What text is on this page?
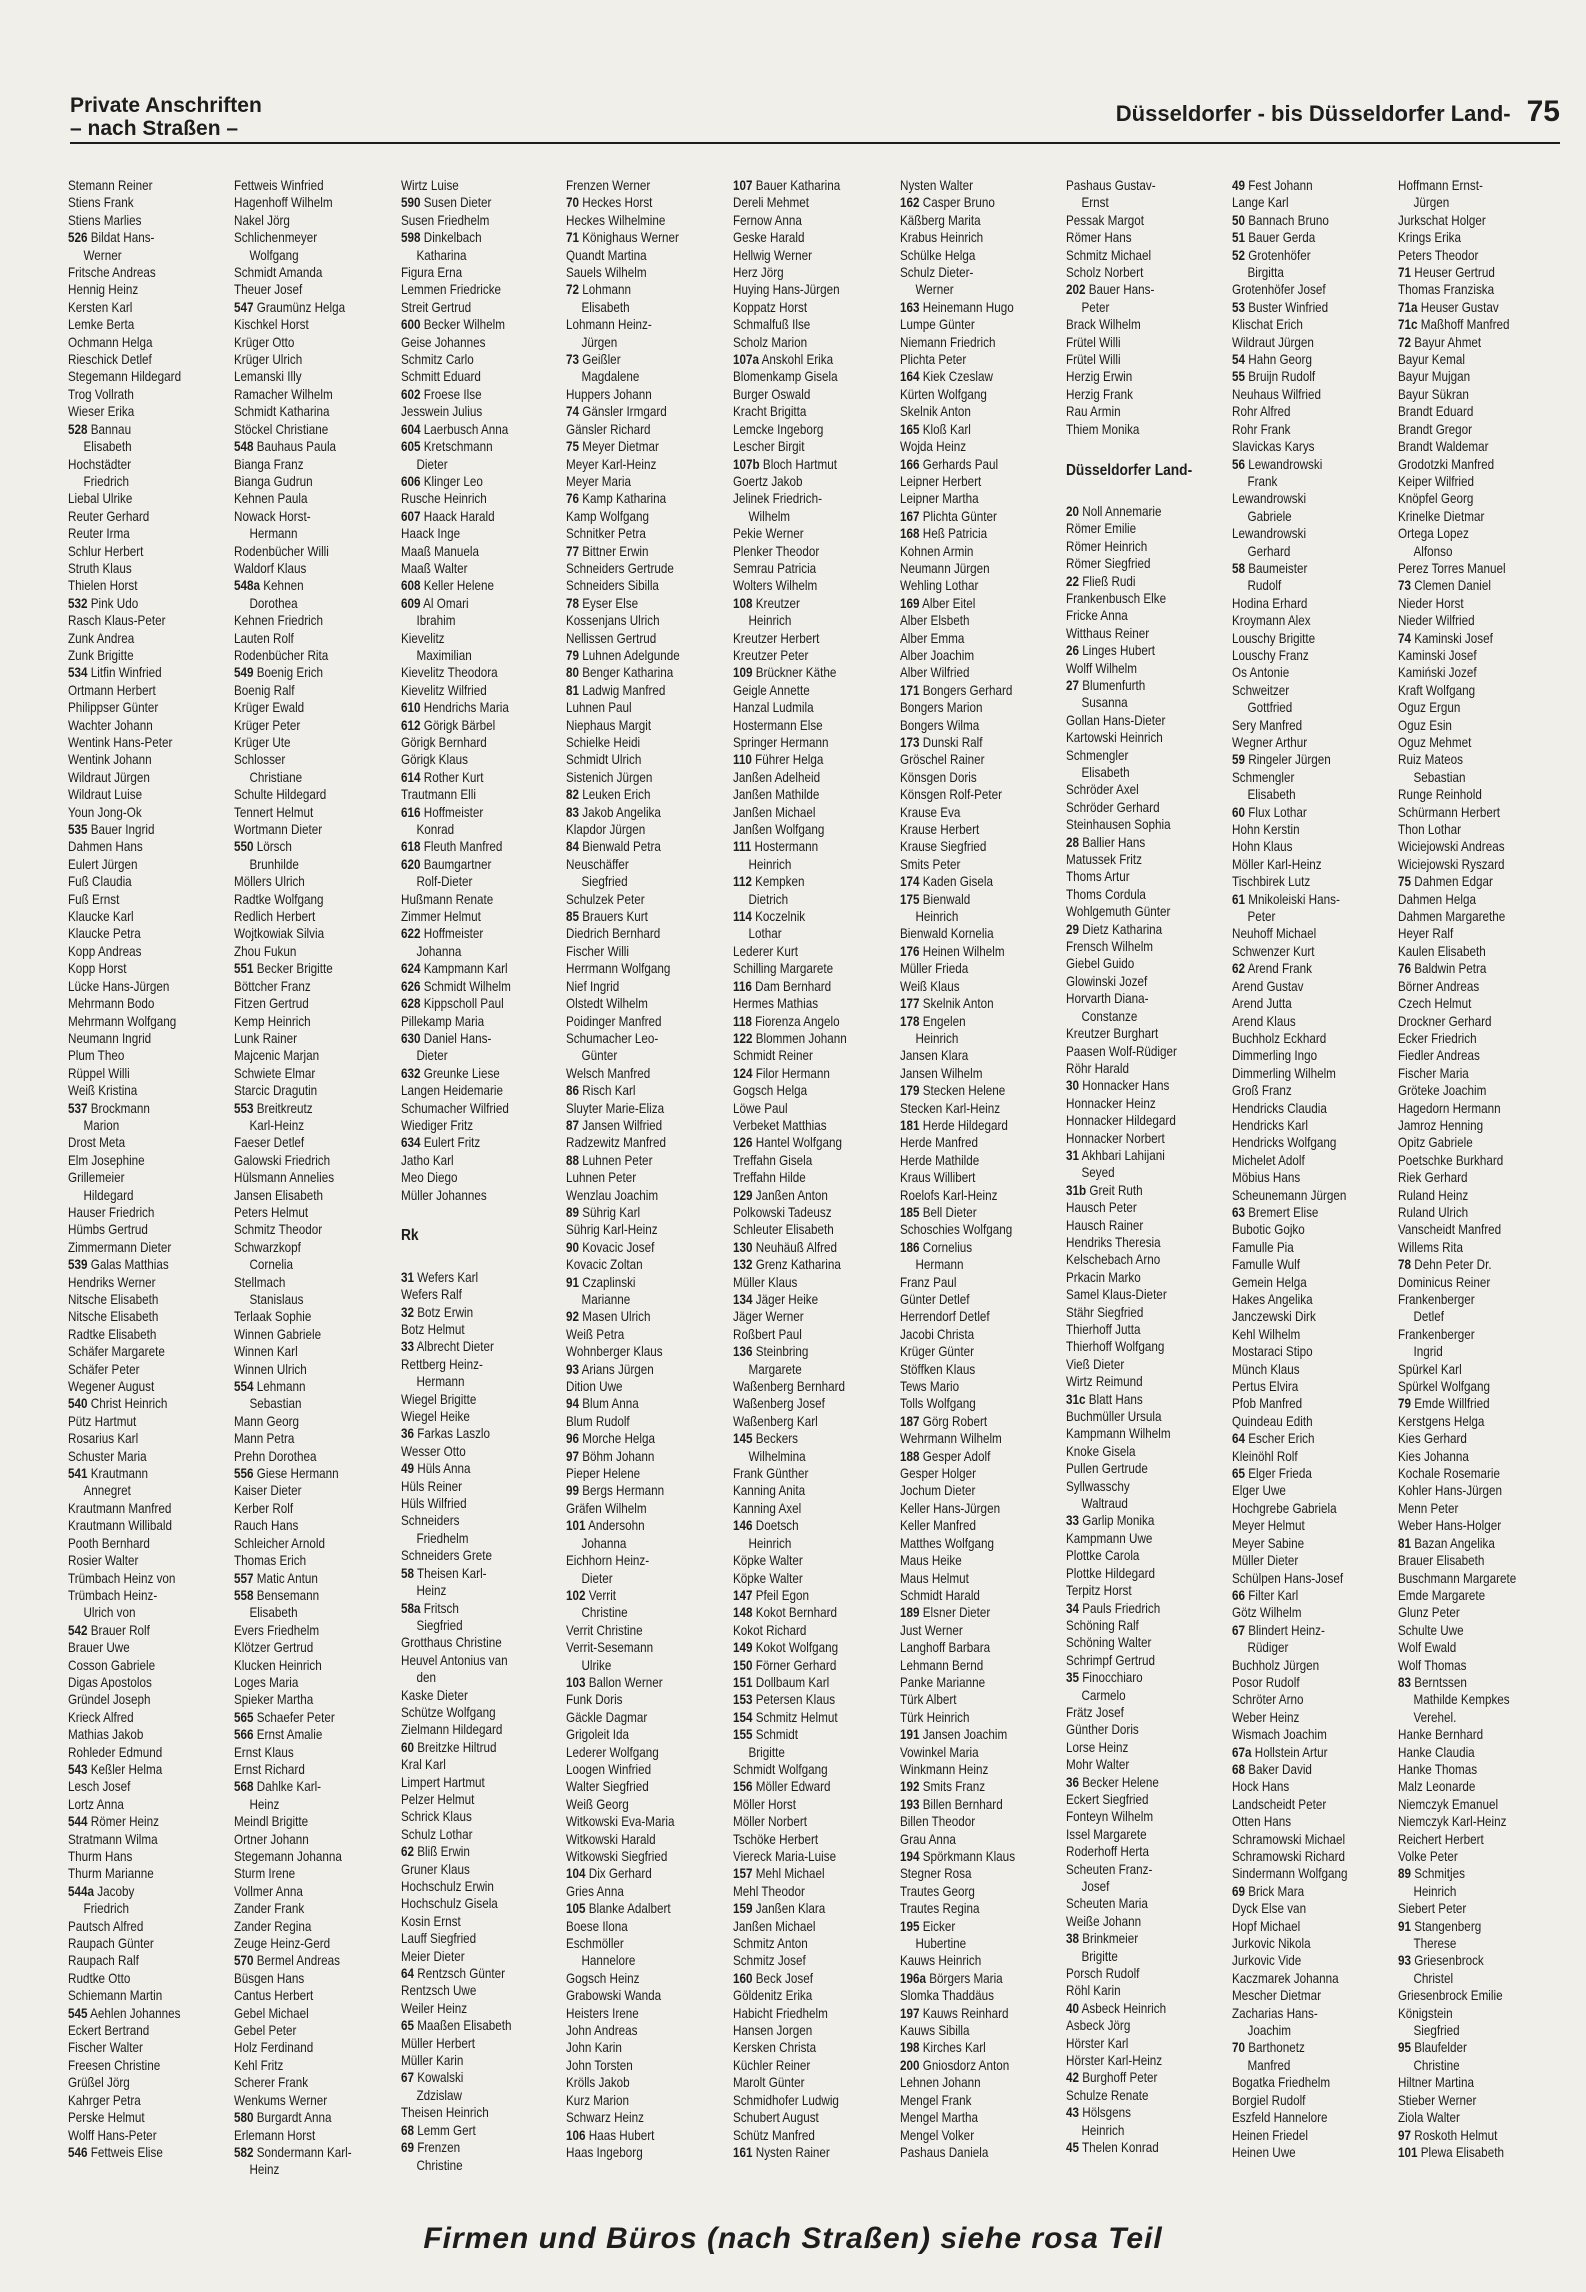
Private Anschriften
– nach Straßen –
Düsseldorfer - bis Düsseldorfer Land- 75
Stemann Reiner
Stiens Frank
Stiens Marlies
526 Bildat Hans-
Werner
Fritsche Andreas
Hennig Heinz
Kersten Karl
Lemke Berta
Ochmann Helga
Rieschick Detlef
Stegemann Hildegard
Trog Vollrath
Wieser Erika
528 Bannau
Elisabeth
Hochstädter
Friedrich
Liebal Ulrike
Reuter Gerhard
Reuter Irma
Schlur Herbert
Struth Klaus
Thielen Horst
532 Pink Udo
Rasch Klaus-Peter
Zunk Andrea
Zunk Brigitte
534 Litfin Winfried
Ortmann Herbert
Philippser Günter
Wachter Johann
Wentink Hans-Peter
Wentink Johann
Wildraut Jürgen
Wildraut Luise
Youn Jong-Ok
535 Bauer Ingrid
Dahmen Hans
Eulert Jürgen
Fuß Claudia
Fuß Ernst
Klaucke Karl
Klaucke Petra
Kopp Andreas
Kopp Horst
Lücke Hans-Jürgen
Mehrmann Bodo
Mehrmann Wolfgang
Neumann Ingrid
Plum Theo
Rüppel Willi
Weiß Kristina
537 Brockmann
Marion
Drost Meta
Elm Josephine
Grillemeier
Hildegard
Hauser Friedrich
Hümbs Gertrud
Zimmermann Dieter
539 Galas Matthias
Hendriks Werner
Nitsche Elisabeth
Nitsche Elisabeth
Radtke Elisabeth
Schäfer Margarete
Schäfer Peter
Wegener August
540 Christ Heinrich
Pütz Hartmut
Rosarius Karl
Schuster Maria
541 Krautmann
Annegret
Krautmann Manfred
Krautmann Willibald
Pooth Bernhard
Rosier Walter
Trümbach Heinz von
Trümbach Heinz-
Ulrich von
542 Brauer Rolf
Brauer Uwe
Cosson Gabriele
Digas Apostolos
Gründel Joseph
Krieck Alfred
Mathias Jakob
Rohleder Edmund
543 Keßler Helma
Lesch Josef
Lortz Anna
544 Römer Heinz
Stratmann Wilma
Thurm Hans
Thurm Marianne
544a Jacoby
Friedrich
Pautsch Alfred
Raupach Günter
Raupach Ralf
Rudtke Otto
Schiemann Martin
545 Aehlen Johannes
Eckert Bertrand
Fischer Walter
Freesen Christine
Grüßel Jörg
Kahrger Petra
Perske Helmut
Wolff Hans-Peter
546 Fettweis Elise
Fettweis Winfried
Hagenhoff Wilhelm
Nakel Jörg
Schlichenmeyer
Wolfgang
Schmidt Amanda
Theuer Josef
547 Graumünz Helga
Kischkel Horst
Krüger Otto
Krüger Ulrich
Lemanski Illy
Ramacher Wilhelm
Schmidt Katharina
Stöckel Christiane
548 Bauhaus Paula
Bianga Franz
Bianga Gudrun
Kehnen Paula
Nowack Horst-
Hermann
Rodenbücher Willi
Waldorf Klaus
548a Kehnen
Dorothea
Kehnen Friedrich
Lauten Rolf
Rodenbücher Rita
549 Boenig Erich
Boenig Ralf
Krüger Ewald
Krüger Peter
Krüger Ute
Schlosser
Christiane
Schulte Hildegard
Tennert Helmut
Wortmann Dieter
550 Lörsch
Brunhilde
Möllers Ulrich
Radtke Wolfgang
Redlich Herbert
Wojtkowiak Silvia
Zhou Fukun
551 Becker Brigitte
Böttcher Franz
Fitzen Gertrud
Kemp Heinrich
Lunk Rainer
Majcenic Marjan
Schwiete Elmar
Starcic Dragutin
553 Breitkreutz
Karl-Heinz
Faeser Detlef
Galowski Friedrich
Hülsmann Annelies
Jansen Elisabeth
Peters Helmut
Schmitz Theodor
Schwarzkopf
Cornelia
Stellmach
Stanislaus
Terlaak Sophie
Winnen Gabriele
Winnen Karl
Winnen Ulrich
554 Lehmann
Sebastian
Mann Georg
Mann Petra
Prehn Dorothea
556 Giese Hermann
Kaiser Dieter
Kerber Rolf
Rauch Hans
Schleicher Arnold
Thomas Erich
557 Matic Antun
558 Bensemann
Elisabeth
Evers Friedhelm
Klötzer Gertrud
Klucken Heinrich
Loges Maria
Spieker Martha
565 Schaefer Peter
566 Ernst Amalie
Ernst Klaus
Ernst Richard
568 Dahlke Karl-
Heinz
Meindl Brigitte
Ortner Johann
Stegemann Johanna
Sturm Irene
Vollmer Anna
Zander Frank
Zander Regina
Zeuge Heinz-Gerd
570 Bermel Andreas
Büsgen Hans
Cantus Herbert
Gebel Michael
Gebel Peter
Holz Ferdinand
Kehl Fritz
Scherer Frank
Wenkums Werner
580 Burgardt Anna
Erlemann Horst
582 Sondermann Karl-
Heinz
Wirtz Luise
590 Susen Dieter
Susen Friedhelm
598 Dinkelbach
Katharina
Figura Erna
Lemmen Friedricke
Streit Gertrud
600 Becker Wilhelm
Geise Johannes
Schmitz Carlo
Schmitt Eduard
602 Froese Ilse
Jesswein Julius
604 Laerbusch Anna
605 Kretschmann
Dieter
606 Klinger Leo
Rusche Heinrich
607 Haack Harald
Haack Inge
Maaß Manuela
Maaß Walter
608 Keller Helene
609 Al Omari
Ibrahim
Kievelitz
Maximilian
Kievelitz Theodora
Kievelitz Wilfried
610 Hendrichs Maria
612 Görigk Bärbel
Görigk Bernhard
Görigk Klaus
614 Rother Kurt
Trautmann Elli
616 Hoffmeister
Konrad
618 Fleuth Manfred
620 Baumgartner
Rolf-Dieter
Hußmann Renate
Zimmer Helmut
622 Hoffmeister
Johanna
624 Kampmann Karl
626 Schmidt Wilhelm
628 Kippscholl Paul
Pillekamp Maria
630 Daniel Hans-
Dieter
632 Greunke Liese
Langen Heidemarie
Schumacher Wilfried
Wiediger Fritz
634 Eulert Fritz
Jatho Karl
Meo Diego
Müller Johannes

Rk

31 Wefers Karl
Wefers Ralf
32 Botz Erwin
Botz Helmut
33 Albrecht Dieter
Rettberg Heinz-
Hermann
Wiegel Brigitte
Wiegel Heike
36 Farkas Laszlo
Wesser Otto
49 Hüls Anna
Hüls Reiner
Hüls Wilfried
Schneiders
Friedhelm
Schneiders Grete
58 Theisen Karl-
Heinz
58a Fritsch
Siegfried
Grotthaus Christine
Heuvel Antonius van
den
Kaske Dieter
Schütze Wolfgang
Zielmann Hildegard
60 Breitzke Hiltrud
Kral Karl
Limpert Hartmut
Pelzer Helmut
Schrick Klaus
Schulz Lothar
62 Bliß Erwin
Gruner Klaus
Hochschulz Erwin
Hochschulz Gisela
Kosin Ernst
Lauff Siegfried
Meier Dieter
64 Rentzsch Günter
Rentzsch Uwe
Weiler Heinz
65 Maaßen Elisabeth
Müller Herbert
Müller Karin
67 Kowalski
Zdzislaw
Theisen Heinrich
68 Lemm Gert
69 Frenzen
Christine
Frenzen Werner
70 Heckes Horst
Heckes Wilhelmine
71 Könighaus Werner
Quandt Martina
Sauels Wilhelm
72 Lohmann
Elisabeth
Lohmann Heinz-
Jürgen
73 Geißler
Magdalene
Huppers Johann
74 Gänsler Irmgard
Gänsler Richard
75 Meyer Dietmar
Meyer Karl-Heinz
Meyer Maria
76 Kamp Katharina
Kamp Wolfgang
Schnitker Petra
77 Bittner Erwin
Schneiders Gertrude
Schneiders Sibilla
78 Eyser Else
Kossenjans Ulrich
Nellissen Gertrud
79 Luhnen Adelgunde
80 Benger Katharina
81 Ladwig Manfred
Luhnen Paul
Niephaus Margit
Schielke Heidi
Schmidt Ulrich
Sistenich Jürgen
82 Leuken Erich
83 Jakob Angelika
Klapdor Jürgen
84 Bienwald Petra
Neuschäffer
Siegfried
Schulzek Peter
85 Brauers Kurt
Diedrich Bernhard
Fischer Willi
Herrmann Wolfgang
Nief Ingrid
Olstedt Wilhelm
Poidinger Manfred
Schumacher Leo-
Günter
Welsch Manfred
86 Risch Karl
Sluyter Marie-Eliza
87 Jansen Wilfried
Radzewitz Manfred
88 Luhnen Peter
Luhnen Peter
Wenzlau Joachim
89 Sührig Karl
Sührig Karl-Heinz
90 Kovacic Josef
Kovacic Zoltan
91 Czaplinski
Marianne
92 Masen Ulrich
Weiß Petra
Wohnberger Klaus
93 Arians Jürgen
Dition Uwe
94 Blum Anna
Blum Rudolf
96 Morche Helga
97 Böhm Johann
Pieper Helene
99 Bergs Hermann
Gräfen Wilhelm
101 Andersohn
Johanna
Eichhorn Heinz-
Dieter
102 Verrit
Christine
Verrit Christine
Verrit-Sesemann
Ulrike
103 Ballon Werner
Funk Doris
Gäckle Dagmar
Grigoleit Ida
Lederer Wolfgang
Loogen Winfried
Walter Siegfried
Weiß Georg
Witkowski Eva-Maria
Witkowski Harald
Witkowski Siegfried
104 Dix Gerhard
Gries Anna
105 Blanke Adalbert
Boese Ilona
Eschmöller
Hannelore
Gogsch Heinz
Grabowski Wanda
Heisters Irene
John Andreas
John Karin
John Torsten
Krölls Jakob
Kurz Marion
Schwarz Heinz
106 Haas Hubert
Haas Ingeborg
107 Bauer Katharina
Dereli Mehmet
Fernow Anna
Geske Harald
Hellwig Werner
Herz Jörg
Huying Hans-Jürgen
Koppatz Horst
Schmalfuß Ilse
Scholz Marion
107a Anskohl Erika
Blomenkamp Gisela
Burger Oswald
Kracht Brigitta
Lemcke Ingeborg
Lescher Birgit
107b Bloch Hartmut
Goertz Jakob
Jelinek Friedrich-
Wilhelm
Pekie Werner
Plenker Theodor
Semrau Patricia
Wolters Wilhelm
108 Kreutzer
Heinrich
Kreutzer Herbert
Kreutzer Peter
109 Brückner Käthe
Geigle Annette
Hanzal Ludmila
Hostermann Else
Springer Hermann
110 Führer Helga
Janßen Adelheid
Janßen Mathilde
Janßen Michael
Janßen Wolfgang
111 Hostermann
Heinrich
112 Kempken
Dietrich
114 Koczelnik
Lothar
Lederer Kurt
Schilling Margarete
116 Dam Bernhard
Hermes Mathias
118 Fiorenza Angelo
122 Blommen Johann
Schmidt Reiner
124 Filor Hermann
Gogsch Helga
Löwe Paul
Verbeket Matthias
126 Hantel Wolfgang
Treffahn Gisela
Treffahn Hilde
129 Janßen Anton
Polkowski Tadeusz
Schleuter Elisabeth
130 Neuhäuß Alfred
132 Grenz Katharina
Müller Klaus
134 Jäger Heike
Jäger Werner
Roßbert Paul
136 Steinbring
Margarete
Waßenberg Bernhard
Waßenberg Josef
Waßenberg Karl
145 Beckers
Wilhelmina
Frank Günther
Kanning Anita
Kanning Axel
146 Doetsch
Heinrich
Köpke Walter
Köpke Walter
147 Pfeil Egon
148 Kokot Bernhard
Kokot Richard
149 Kokot Wolfgang
150 Förner Gerhard
151 Dollbaum Karl
153 Petersen Klaus
154 Schmitz Helmut
155 Schmidt
Brigitte
Schmidt Wolfgang
156 Möller Edward
Möller Horst
Möller Norbert
Tschöke Herbert
Viereck Maria-Luise
157 Mehl Michael
Mehl Theodor
159 Janßen Klara
Janßen Michael
Schmitz Anton
Schmitz Josef
160 Beck Josef
Göldenitz Erika
Habicht Friedhelm
Hansen Jorgen
Kersken Christa
Küchler Reiner
Marolt Günter
Schmidhofer Ludwig
Schubert August
Schütz Manfred
161 Nysten Rainer
Nysten Walter
162 Casper Bruno
Käßberg Marita
Krabus Heinrich
Schülke Helga
Schulz Dieter-
Werner
163 Heinemann Hugo
Lumpe Günter
Niemann Friedrich
Plichta Peter
164 Kiek Czeslaw
Kürten Wolfgang
Skelnik Anton
165 Kloß Karl
Wojda Heinz
166 Gerhards Paul
Leipner Herbert
Leipner Martha
167 Plichta Günter
168 Heß Patricia
Kohnen Armin
Neumann Jürgen
Wehling Lothar
169 Alber Eitel
Alber Elsbeth
Alber Emma
Alber Joachim
Alber Wilfried
171 Bongers Gerhard
Bongers Marion
Bongers Wilma
173 Dunski Ralf
Gröschel Rainer
Könsgen Doris
Könsgen Rolf-Peter
Krause Eva
Krause Herbert
Krause Siegfried
Smits Peter
174 Kaden Gisela
175 Bienwald
Heinrich
Bienwald Kornelia
176 Heinen Wilhelm
Müller Frieda
Weiß Klaus
177 Skelnik Anton
178 Engelen
Heinrich
Jansen Klara
Jansen Wilhelm
179 Stecken Helene
Stecken Karl-Heinz
181 Herde Hildegard
Herde Manfred
Herde Mathilde
Kraus Willibert
Roelofs Karl-Heinz
185 Bell Dieter
Schoschies Wolfgang
186 Cornelius
Hermann
Franz Paul
Günter Detlef
Herrendorf Detlef
Jacobi Christa
Krüger Günter
Stöffken Klaus
Tews Mario
Tolls Wolfgang
187 Görg Robert
Wehrmann Wilhelm
188 Gesper Adolf
Gesper Holger
Jochum Dieter
Keller Hans-Jürgen
Keller Manfred
Matthes Wolfgang
Maus Heike
Maus Helmut
Schmidt Harald
189 Elsner Dieter
Just Werner
Langhoff Barbara
Lehmann Bernd
Panke Marianne
Türk Albert
Türk Heinrich
191 Jansen Joachim
Vowinkel Maria
Winkmann Heinz
192 Smits Franz
193 Billen Bernhard
Billen Theodor
Grau Anna
194 Spörkmann Klaus
Stegner Rosa
Trautes Georg
Trautes Regina
195 Eicker
Hubertine
Kauws Heinrich
196a Börgers Maria
Slomka Thaddäus
197 Kauws Reinhard
Kauws Sibilla
198 Kirches Karl
200 Gniosdorz Anton
Lehnen Johann
Mengel Frank
Mengel Martha
Mengel Volker
Pashaus Daniela
Pashaus Gustav-
Ernst
Pessak Margot
Römer Hans
Schmitz Michael
Scholz Norbert
202 Bauer Hans-
Peter
Brack Wilhelm
Frütel Willi
Frütel Willi
Herzig Erwin
Herzig Frank
Rau Armin
Thiem Monika

Düsseldorfer Land-

20 Noll Annemarie
Römer Emilie
Römer Heinrich
Römer Siegfried
22 Fließ Rudi
Frankenbusch Elke
Fricke Anna
Witthaus Reiner
26 Linges Hubert
Wolff Wilhelm
27 Blumenfurth
Susanna
Gollan Hans-Dieter
Kartowski Heinrich
Schmengler
Elisabeth
Schröder Axel
Schröder Gerhard
Steinhausen Sophia
28 Ballier Hans
Matussek Fritz
Thoms Artur
Thoms Cordula
Wohlgemuth Günter
29 Dietz Katharina
Frensch Wilhelm
Giebel Guido
Glowinski Jozef
Horvarth Diana-
Constanze
Kreutzer Burghart
Paasen Wolf-Rüdiger
Röhr Harald
30 Honnacker Hans
Honnacker Heinz
Honnacker Hildegard
Honnacker Norbert
31 Akhbari Lahijani
Seyed
31b Greit Ruth
Hausch Peter
Hausch Rainer
Hendriks Theresia
Kelschebach Arno
Prkacin Marko
Samel Klaus-Dieter
Stähr Siegfried
Thierhoff Jutta
Thierhoff Wolfgang
Vieß Dieter
Wirtz Reimund
31c Blatt Hans
Buchmüller Ursula
Kampmann Wilhelm
Knoke Gisela
Pullen Gertrude
Syllwasschy
Waltraud
33 Garlip Monika
Kampmann Uwe
Plottke Carola
Plottke Hildegard
Terpitz Horst
34 Pauls Friedrich
Schöning Ralf
Schöning Walter
Schrimpf Gertrud
35 Finocchiaro
Carmelo
Frätz Josef
Günther Doris
Lorse Heinz
Mohr Walter
36 Becker Helene
Eckert Siegfried
Fonteyn Wilhelm
Issel Margarete
Roderhoff Herta
Scheuten Franz-
Josef
Scheuten Maria
Weiße Johann
38 Brinkmeier
Brigitte
Porsch Rudolf
Röhl Karin
40 Asbeck Heinrich
Asbeck Jörg
Hörster Karl
Hörster Karl-Heinz
42 Burghoff Peter
Schulze Renate
43 Hölsgens
Heinrich
45 Thelen Konrad
49 Fest Johann
Lange Karl
50 Bannach Bruno
51 Bauer Gerda
52 Grotenhöfer
Birgitta
Grotenhöfer Josef
53 Buster Winfried
Klischat Erich
Wildraut Jürgen
54 Hahn Georg
55 Bruijn Rudolf
Neuhaus Wilfried
Rohr Alfred
Rohr Frank
Slavickas Karys
56 Lewandrowski
Frank
Lewandrowski
Gabriele
Lewandrowski
Gerhard
58 Baumeister
Rudolf
Hodina Erhard
Kroymann Alex
Louschy Brigitte
Louschy Franz
Os Antonie
Schweitzer
Gottfried
Sery Manfred
Wegner Arthur
59 Ringeler Jürgen
Schmengler
Elisabeth
60 Flux Lothar
Hohn Kerstin
Hohn Klaus
Möller Karl-Heinz
Tischbirek Lutz
61 Mnikoleiski Hans-
Peter
Neuhoff Michael
Schwenzer Kurt
62 Arend Frank
Arend Gustav
Arend Jutta
Arend Klaus
Buchholz Eckhard
Dimmerling Ingo
Dimmerling Wilhelm
Groß Franz
Hendricks Claudia
Hendricks Karl
Hendricks Wolfgang
Michelet Adolf
Möbius Hans
Scheunemann Jürgen
63 Bremert Elise
Bubotic Gojko
Famulle Pia
Famulle Wulf
Gemein Helga
Hakes Angelika
Janczewski Dirk
Kehl Wilhelm
Mostaraci Stipo
Münch Klaus
Pertus Elvira
Pfob Manfred
Quindeau Edith
64 Escher Erich
Kleinöhl Rolf
65 Elger Frieda
Elger Uwe
Hochgrebe Gabriela
Meyer Helmut
Meyer Sabine
Müller Dieter
Schülpen Hans-Josef
66 Filter Karl
Götz Wilhelm
67 Blindert Heinz-
Rüdiger
Buchholz Jürgen
Posor Rudolf
Schröter Arno
Weber Heinz
Wismach Joachim
67a Hollstein Artur
68 Baker David
Hock Hans
Landscheidt Peter
Otten Hans
Schramowski Michael
Schramowski Richard
Sindermann Wolfgang
69 Brick Mara
Dyck Else van
Hopf Michael
Jurkovic Nikola
Jurkovic Vide
Kaczmarek Johanna
Mescher Dietmar
Zacharias Hans-
Joachim
70 Barthonetz
Manfred
Bogatka Friedhelm
Borgiel Rudolf
Eszfeld Hannelore
Heinen Friedel
Heinen Uwe
Hoffmann Ernst-
Jürgen
Jurkschat Holger
Krings Erika
Peters Theodor
71 Heuser Gertrud
Thomas Franziska
71a Heuser Gustav
71c Maßhoff Manfred
72 Bayur Ahmet
Bayur Kemal
Bayur Mujgan
Bayur Sükran
Brandt Eduard
Brandt Gregor
Brandt Waldemar
Grodotzki Manfred
Keiper Wilfried
Knöpfel Georg
Krinelke Dietmar
Ortega Lopez
Alfonso
Perez Torres Manuel
73 Clemen Daniel
Nieder Horst
Nieder Wilfried
74 Kaminski Josef
Kaminski Josef
Kamiński Jozef
Kraft Wolfgang
Oguz Ergun
Oguz Esin
Oguz Mehmet
Ruiz Mateos
Sebastian
Runge Reinhold
Schürmann Herbert
Thon Lothar
Wiciejowski Andreas
Wiciejowski Ryszard
75 Dahmen Edgar
Dahmen Helga
Dahmen Margarethe
Heyer Ralf
Kaulen Elisabeth
76 Baldwin Petra
Börner Andreas
Czech Helmut
Drockner Gerhard
Ecker Friedrich
Fiedler Andreas
Fischer Maria
Gröteke Joachim
Hagedorn Hermann
Jamroz Henning
Opitz Gabriele
Poetschke Burkhard
Riek Gerhard
Ruland Heinz
Ruland Ulrich
Vanscheidt Manfred
Willems Rita
78 Dehn Peter Dr.
Dominicus Reiner
Frankenberger
Detlef
Frankenberger
Ingrid
Spürkel Karl
Spürkel Wolfgang
79 Emde Willfried
Kerstgens Helga
Kies Gerhard
Kies Johanna
Kochale Rosemarie
Kohler Hans-Jürgen
Menn Peter
Weber Hans-Holger
81 Bazan Angelika
Brauer Elisabeth
Buschmann Margarete
Emde Margarete
Glunz Peter
Schulte Uwe
Wolf Ewald
Wolf Thomas
83 Berntssen
Mathilde Kempkes
Verehel.
Hanke Bernhard
Hanke Claudia
Hanke Thomas
Malz Leonarde
Niemczyk Emanuel
Niemczyk Karl-Heinz
Reichert Herbert
Volke Peter
89 Schmitjes
Heinrich
Siebert Peter
91 Stangenberg
Therese
93 Griesenbrock
Christel
Griesenbrock Emilie
Königstein
Siegfried
95 Blaufelder
Christine
Hiltner Martina
Stieber Werner
Ziola Walter
97 Roskoth Helmut
101 Plewa Elisabeth
Firmen und Büros (nach Straßen) siehe rosa Teil
